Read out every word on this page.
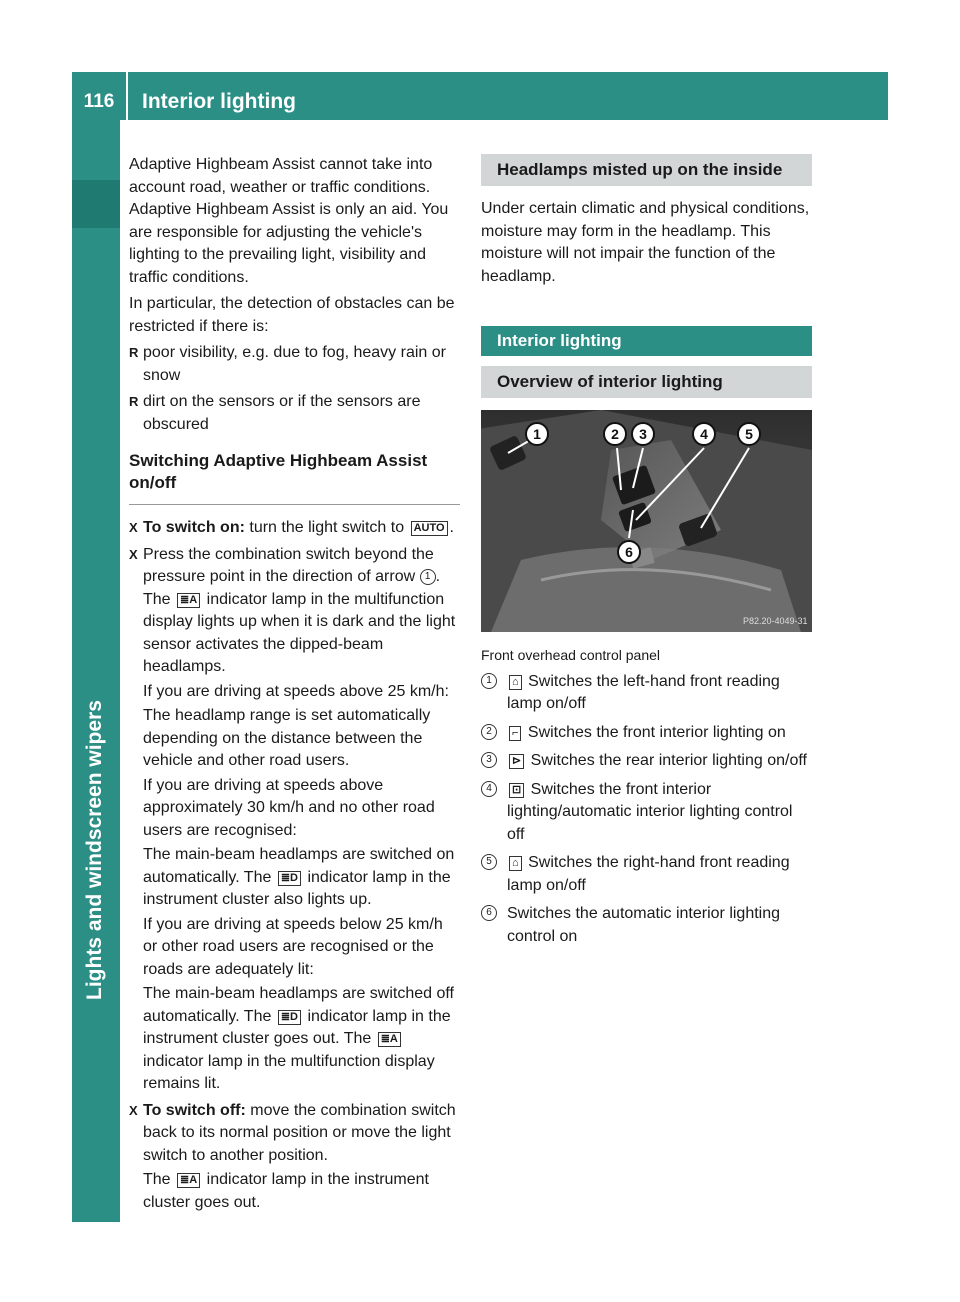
116	Interior lighting
Lights and windscreen wipers

Adaptive Highbeam Assist cannot take into account road, weather or traffic conditions. Adaptive Highbeam Assist is only an aid. You are responsible for adjusting the vehicle's lighting to the prevailing light, visibility and traffic conditions.

In particular, the detection of obstacles can be restricted if there is:

R poor visibility, e.g. due to fog, heavy rain or snow
R dirt on the sensors or if the sensors are obscured
Switching Adaptive Highbeam Assist on/off
X To switch on: turn the light switch to AUTO .
X Press the combination switch beyond the pressure point in the direction of arrow 1 . The ≣A indicator lamp in the multifunction display lights up when it is dark and the light sensor activates the dipped-beam headlamps.

If you are driving at speeds above 25 km/h:

The headlamp range is set automatically depending on the distance between the vehicle and other road users.

If you are driving at speeds above approximately 30 km/h and no other road users are recognised:

The main-beam headlamps are switched on automatically. The ≣D indicator lamp in the instrument cluster also lights up.

If you are driving at speeds below 25 km/h or other road users are recognised or the roads are adequately lit:

The main-beam headlamps are switched off automatically. The ≣D indicator lamp in the instrument cluster goes out. The ≣A indicator lamp in the multifunction display remains lit.

X To switch off: move the combination switch back to its normal position or move the light switch to another position.

The ≣A indicator lamp in the instrument cluster goes out.

Headlamps misted up on the inside

Under certain climatic and physical conditions, moisture may form in the headlamp. This moisture will not impair the function of the headlamp.

Interior lighting
Overview of interior lighting
1	2 3	4	5
6
P82.20-4049-31
Front overhead control panel
1	⌂ Switches the left-hand front reading lamp on/off
2	⌐ Switches the front interior lighting on
3	⊳ Switches the rear interior lighting on/off
4	⊡ Switches the front interior lighting/automatic interior lighting control off
5	⌂ Switches the right-hand front reading lamp on/off
6 Switches the automatic interior lighting control on
